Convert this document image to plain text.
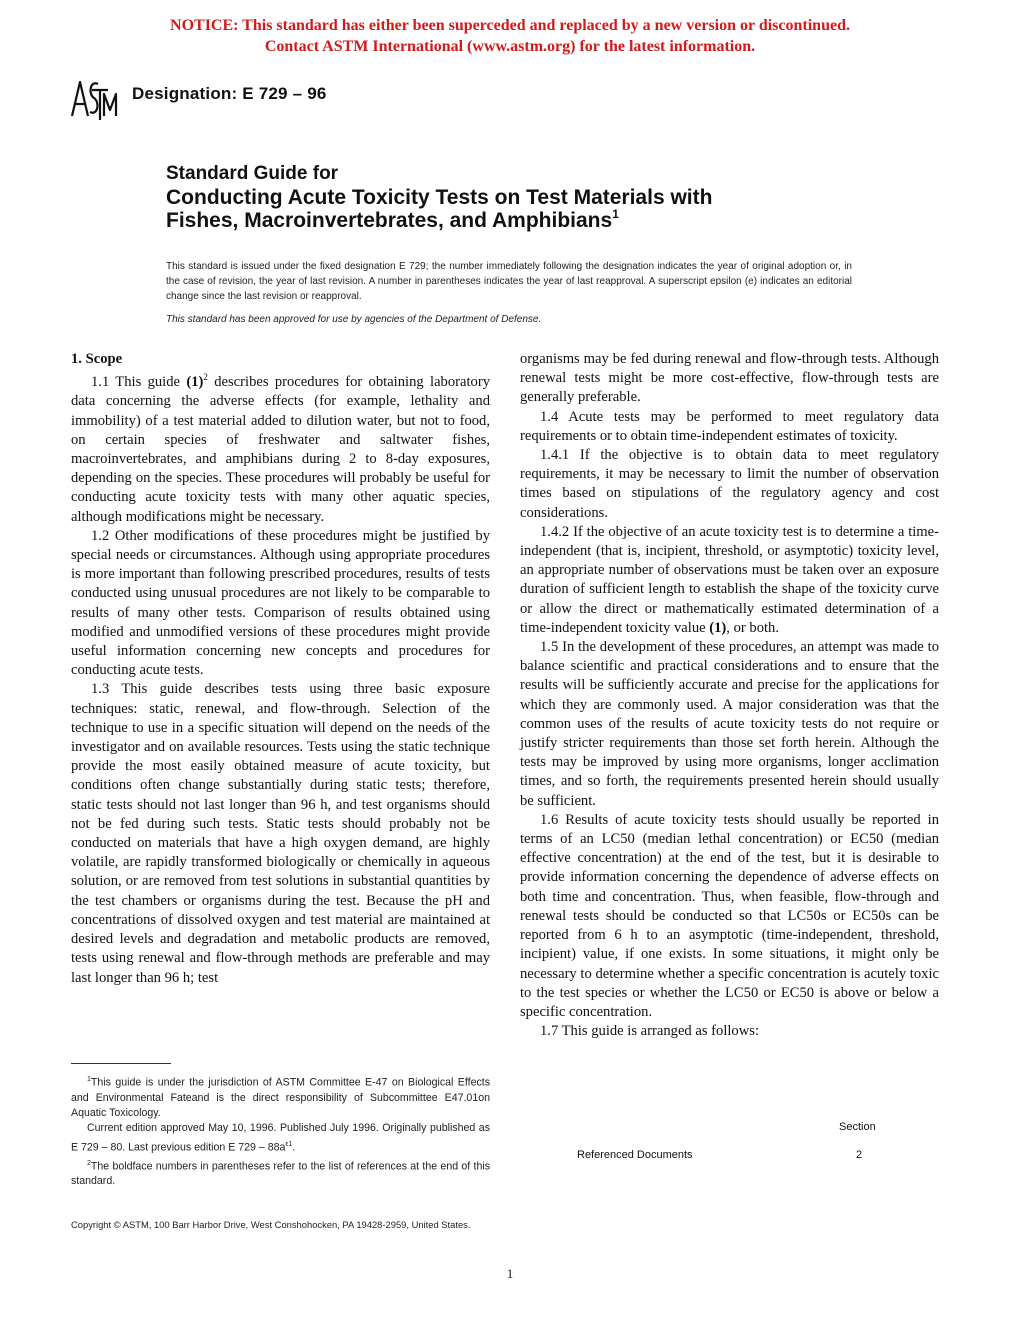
NOTICE: This standard has either been superceded and replaced by a new version or discontinued.
Contact ASTM International (www.astm.org) for the latest information.
Designation: E 729 – 96
Standard Guide for
Conducting Acute Toxicity Tests on Test Materials with
Fishes, Macroinvertebrates, and Amphibians$^1$
This standard is issued under the fixed designation E 729; the number immediately following the designation indicates the year of original adoption or, in the case of revision, the year of last revision. A number in parentheses indicates the year of last reapproval. A superscript epsilon (e) indicates an editorial change since the last revision or reapproval.
This standard has been approved for use by agencies of the Department of Defense.

1. Scope

1.1 This guide (1)$^2$ describes procedures for obtaining laboratory data concerning the adverse effects (for example, lethality and immobility) of a test material added to dilution water, but not to food, on certain species of freshwater and saltwater fishes, macroinvertebrates, and amphibians during 2 to 8-day exposures, depending on the species. These procedures will probably be useful for conducting acute toxicity tests with many other aquatic species, although modifications might be necessary.

1.2 Other modifications of these procedures might be justified by special needs or circumstances. Although using appropriate procedures is more important than following prescribed procedures, results of tests conducted using unusual procedures are not likely to be comparable to results of many other tests. Comparison of results obtained using modified and unmodified versions of these procedures might provide useful information concerning new concepts and procedures for conducting acute tests.

1.3 This guide describes tests using three basic exposure techniques: static, renewal, and flow-through. Selection of the technique to use in a specific situation will depend on the needs of the investigator and on available resources. Tests using the static technique provide the most easily obtained measure of acute toxicity, but conditions often change substantially during static tests; therefore, static tests should not last longer than 96 h, and test organisms should not be fed during such tests. Static tests should probably not be conducted on materials that have a high oxygen demand, are highly volatile, are rapidly transformed biologically or chemically in aqueous solution, or are removed from test solutions in substantial quantities by the test chambers or organisms during the test. Because the pH and concentrations of dissolved oxygen and test material are maintained at desired levels and degradation and metabolic products are removed, tests using renewal and flow-through methods are preferable and may last longer than 96 h; test

organisms may be fed during renewal and flow-through tests. Although renewal tests might be more cost-effective, flow-through tests are generally preferable.

1.4 Acute tests may be performed to meet regulatory data requirements or to obtain time-independent estimates of toxicity.

1.4.1 If the objective is to obtain data to meet regulatory requirements, it may be necessary to limit the number of observation times based on stipulations of the regulatory agency and cost considerations.

1.4.2 If the objective of an acute toxicity test is to determine a time-independent (that is, incipient, threshold, or asymptotic) toxicity level, an appropriate number of observations must be taken over an exposure duration of sufficient length to establish the shape of the toxicity curve or allow the direct or mathematically estimated determination of a time-independent toxicity value (1), or both.

1.5 In the development of these procedures, an attempt was made to balance scientific and practical considerations and to ensure that the results will be sufficiently accurate and precise for the applications for which they are commonly used. A major consideration was that the common uses of the results of acute toxicity tests do not require or justify stricter requirements than those set forth herein. Although the tests may be improved by using more organisms, longer acclimation times, and so forth, the requirements presented herein should usually be sufficient.

1.6 Results of acute toxicity tests should usually be reported in terms of an LC50 (median lethal concentration) or EC50 (median effective concentration) at the end of the test, but it is desirable to provide information concerning the dependence of adverse effects on both time and concentration. Thus, when feasible, flow-through and renewal tests should be conducted so that LC50s or EC50s can be reported from 6 h to an asymptotic (time-independent, threshold, incipient) value, if one exists. In some situations, it might only be necessary to determine whether a specific concentration is acutely toxic to the test species or whether the LC50 or EC50 is above or below a specific concentration.

1.7 This guide is arranged as follows:

Section
Referenced Documents	2

$^1$This guide is under the jurisdiction of ASTM Committee E-47 on Biological Effects and Environmental Fateand is the direct responsibility of Subcommittee E47.01on Aquatic Toxicology.

Current edition approved May 10, 1996. Published July 1996. Originally published as E 729 – 80. Last previous edition E $729 - 88a^{\varepsilon 1}$.

$^2$The boldface numbers in parentheses refer to the list of references at the end of this standard.

Copyright © ASTM, 100 Barr Harbor Drive, West Conshohocken, PA 19428-2959, United States.
1
